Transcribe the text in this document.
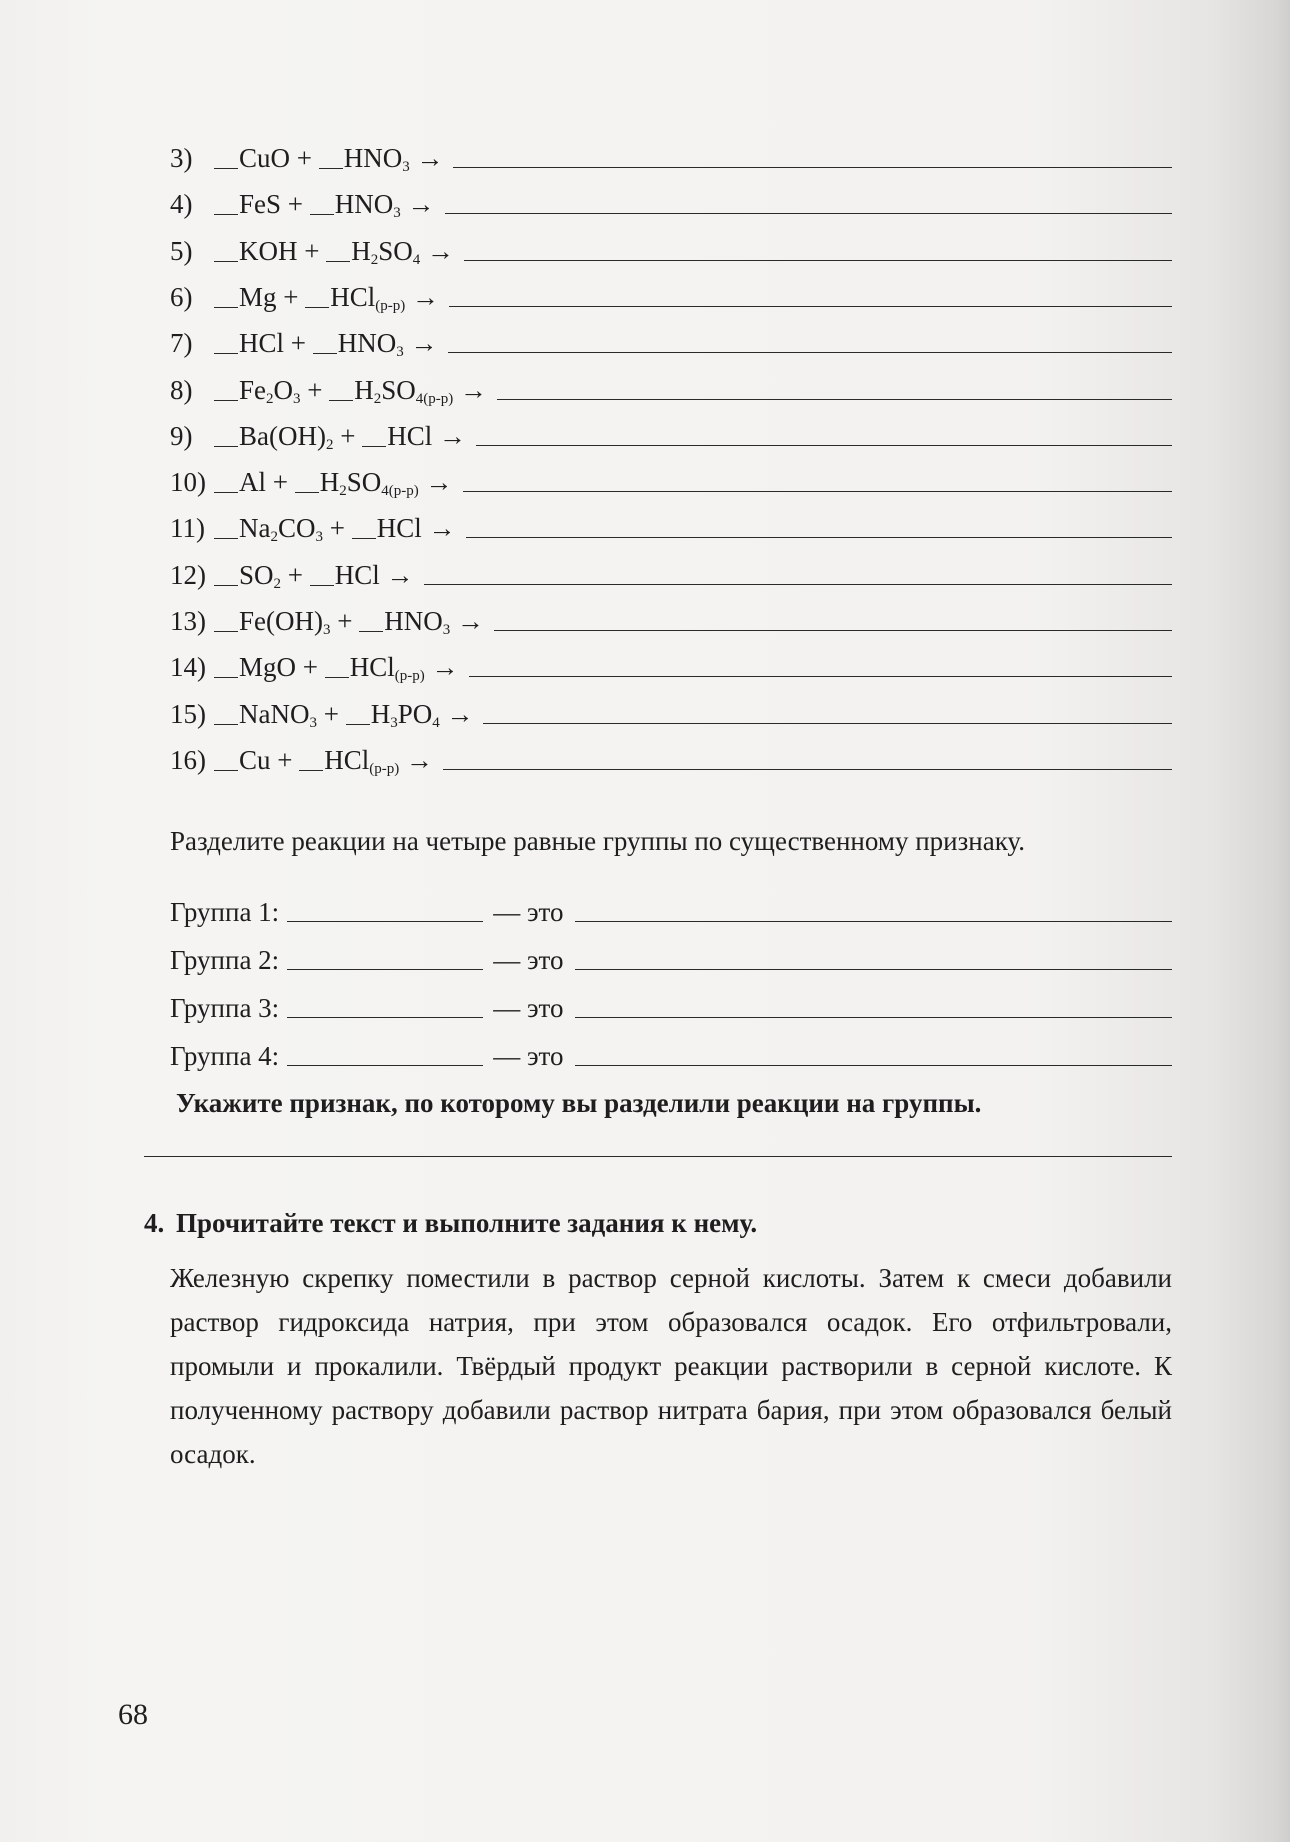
3)	CuO + $HNO_3$ →
4)	FeS + $HNO_3$ →
5)	KOH + $H_2SO_4$ →
6)	Mg + HCl$_{(р-р)}$ →
7)	HCl + $HNO_3$ →
8)	$Fe_2O_3 + H_2SO_{4(р-р)}$ →
9)	$Ba(OH)_2$ + HCl →
10)	$Al + H_2SO_{4(р-р)}$ →
11)	$Na_2CO_3$ + HCl →
12)	$SO_2$ + HCl →
13)	$Fe(OH)_3 + HNO_3$ →
14)	MgO + HCl$_{(р-р)}$ →
15)	NaNO$_3$ + $H_3PO_4$ →
16)	Cu + HCl$_{(р-р)}$ →
Разделите реакции на четыре равные группы по существенному признаку.
Группа 1:	— это
Группа 2:	— это
Группа 3:	— это
Группа 4:	— это
Укажите признак, по которому вы разделили реакции на группы.
4. Прочитайте текст и выполните задания к нему.
Железную скрепку поместили в раствор серной кислоты. Затем к смеси добавили раствор гидроксида натрия, при этом образовался осадок. Его отфильтровали, промыли и прокалили. Твёрдый продукт реакции растворили в серной кислоте. К полученному раствору добавили раствор нитрата бария, при этом образовался белый осадок.
68
